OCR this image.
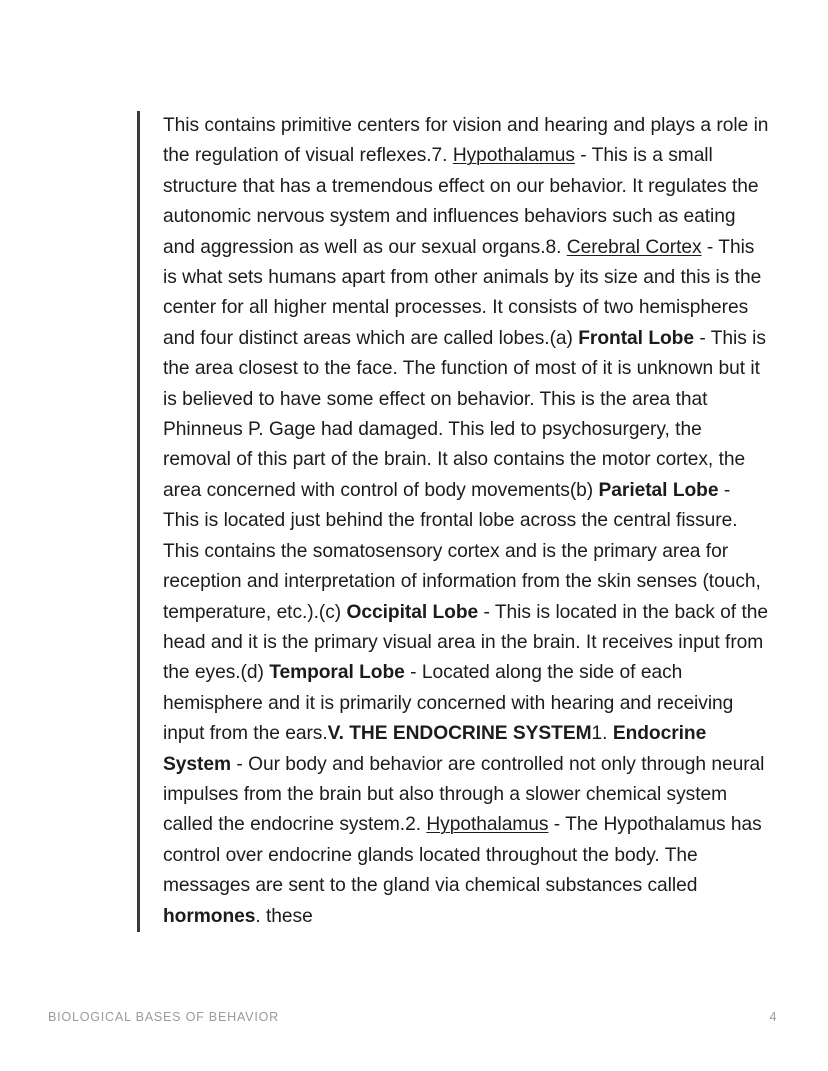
This contains primitive centers for vision and hearing and plays a role in the regulation of visual reflexes.7. Hypothalamus - This is a small structure that has a tremendous effect on our behavior. It regulates the autonomic nervous system and influences behaviors such as eating and aggression as well as our sexual organs.8. Cerebral Cortex - This is what sets humans apart from other animals by its size and this is the center for all higher mental processes. It consists of two hemispheres and four distinct areas which are called lobes.(a) Frontal Lobe - This is the area closest to the face. The function of most of it is unknown but it is believed to have some effect on behavior. This is the area that Phinneus P. Gage had damaged. This led to psychosurgery, the removal of this part of the brain. It also contains the motor cortex, the area concerned with control of body movements(b) Parietal Lobe - This is located just behind the frontal lobe across the central fissure. This contains the somatosensory cortex and is the primary area for reception and interpretation of information from the skin senses (touch, temperature, etc.).(c) Occipital Lobe - This is located in the back of the head and it is the primary visual area in the brain. It receives input from the eyes.(d) Temporal Lobe - Located along the side of each hemisphere and it is primarily concerned with hearing and receiving input from the ears.V. THE ENDOCRINE SYSTEM1. Endocrine System - Our body and behavior are controlled not only through neural impulses from the brain but also through a slower chemical system called the endocrine system.2. Hypothalamus - The Hypothalamus has control over endocrine glands located throughout the body. The messages are sent to the gland via chemical substances called hormones. these

BIOLOGICAL BASES OF BEHAVIOR	4
